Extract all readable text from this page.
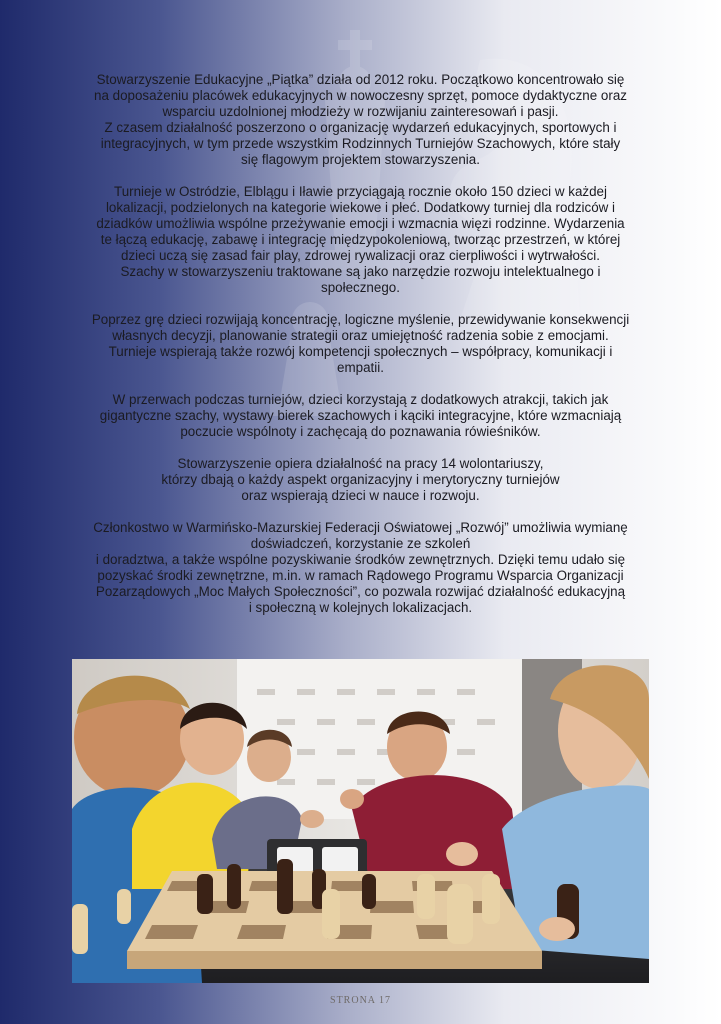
Stowarzyszenie Edukacyjne „Piątka” działa od 2012 roku. Początkowo koncentrowało się
na doposażeniu placówek edukacyjnych w nowoczesny sprzęt, pomoce dydaktyczne oraz
wsparciu uzdolnionej młodzieży w rozwijaniu zainteresowań i pasji.
Z czasem działalność poszerzono o organizację wydarzeń edukacyjnych, sportowych i
integracyjnych, w tym przede wszystkim Rodzinnych Turniejów Szachowych, które stały
się flagowym projektem stowarzyszenia.

Turnieje w Ostródzie, Elblągu i Iławie przyciągają rocznie około 150 dzieci w każdej
lokalizacji, podzielonych na kategorie wiekowe i płeć. Dodatkowy turniej dla rodziców i
dziadków umożliwia wspólne przeżywanie emocji i wzmacnia więzi rodzinne. Wydarzenia
te łączą edukację, zabawę i integrację międzypokoleniową, tworząc przestrzeń, w której
dzieci uczą się zasad fair play, zdrowej rywalizacji oraz cierpliwości i wytrwałości.
Szachy w stowarzyszeniu traktowane są jako narzędzie rozwoju intelektualnego i
społecznego.

Poprzez grę dzieci rozwijają koncentrację, logiczne myślenie, przewidywanie konsekwencji
własnych decyzji, planowanie strategii oraz umiejętność radzenia sobie z emocjami.
Turnieje wspierają także rozwój kompetencji społecznych – współpracy, komunikacji i
empatii.

W przerwach podczas turniejów, dzieci korzystają z dodatkowych atrakcji, takich jak
gigantyczne szachy, wystawy bierek szachowych i kąciki integracyjne, które wzmacniają
poczucie wspólnoty i zachęcają do poznawania rówieśników.

Stowarzyszenie opiera działalność na pracy 14 wolontariuszy,
którzy dbają o każdy aspekt organizacyjny i merytoryczny turniejów
oraz wspierają dzieci w nauce i rozwoju.

Członkostwo w Warmińsko-Mazurskiej Federacji Oświatowej „Rozwój” umożliwia wymianę
doświadczeń, korzystanie ze szkoleń
i doradztwa, a także wspólne pozyskiwanie środków zewnętrznych. Dzięki temu udało się
pozyskać środki zewnętrzne, m.in. w ramach Rądowego Programu Wsparcia Organizacji
Pozarządowych „Moc Małych Społeczności”, co pozwala rozwijać działalność edukacyjną
i społeczną w kolejnych lokalizacjach.

STRONA 17
